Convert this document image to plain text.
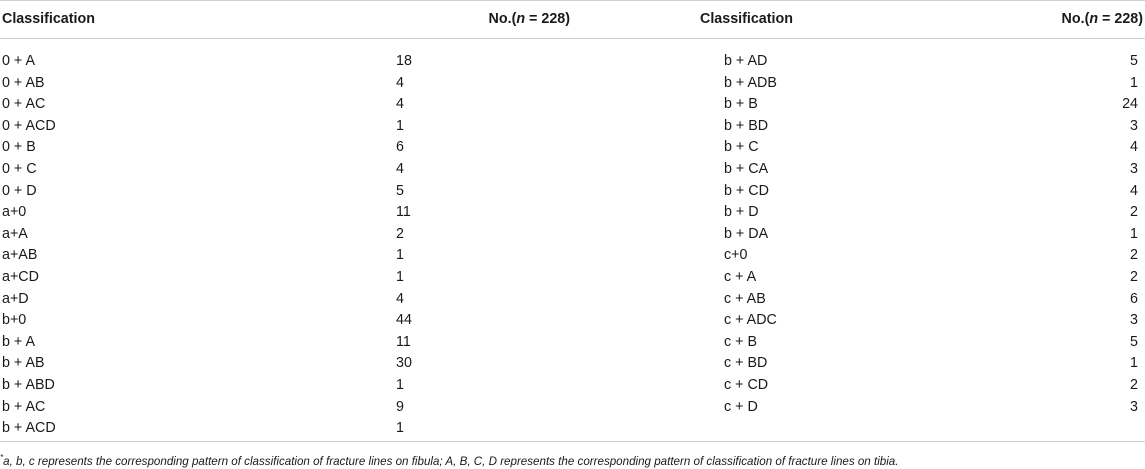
Classification	No.(n = 228)	Classification	No.(n = 228)
0 + A	18	b + AD	5
0 + AB	4	b + ADB	1
0 + AC	4	b + B	24
0 + ACD	1	b + BD	3
0 + B	6	b + C	4
0 + C	4	b + CA	3
0 + D	5	b + CD	4
a+0	11	b + D	2
a+A	2	b + DA	1
a+AB	1	c+0	2
a+CD	1	c + A	2
a+D	4	c + AB	6
b+0	44	c + ADC	3
b + A	11	c + B	5
b + AB	30	c + BD	1
b + ABD	1	c + CD	2
b + AC	9	c + D	3
b + ACD	1		
*a, b, c represents the corresponding pattern of classification of fracture lines on fibula; A, B, C, D represents the corresponding pattern of classification of fracture lines on tibia.
